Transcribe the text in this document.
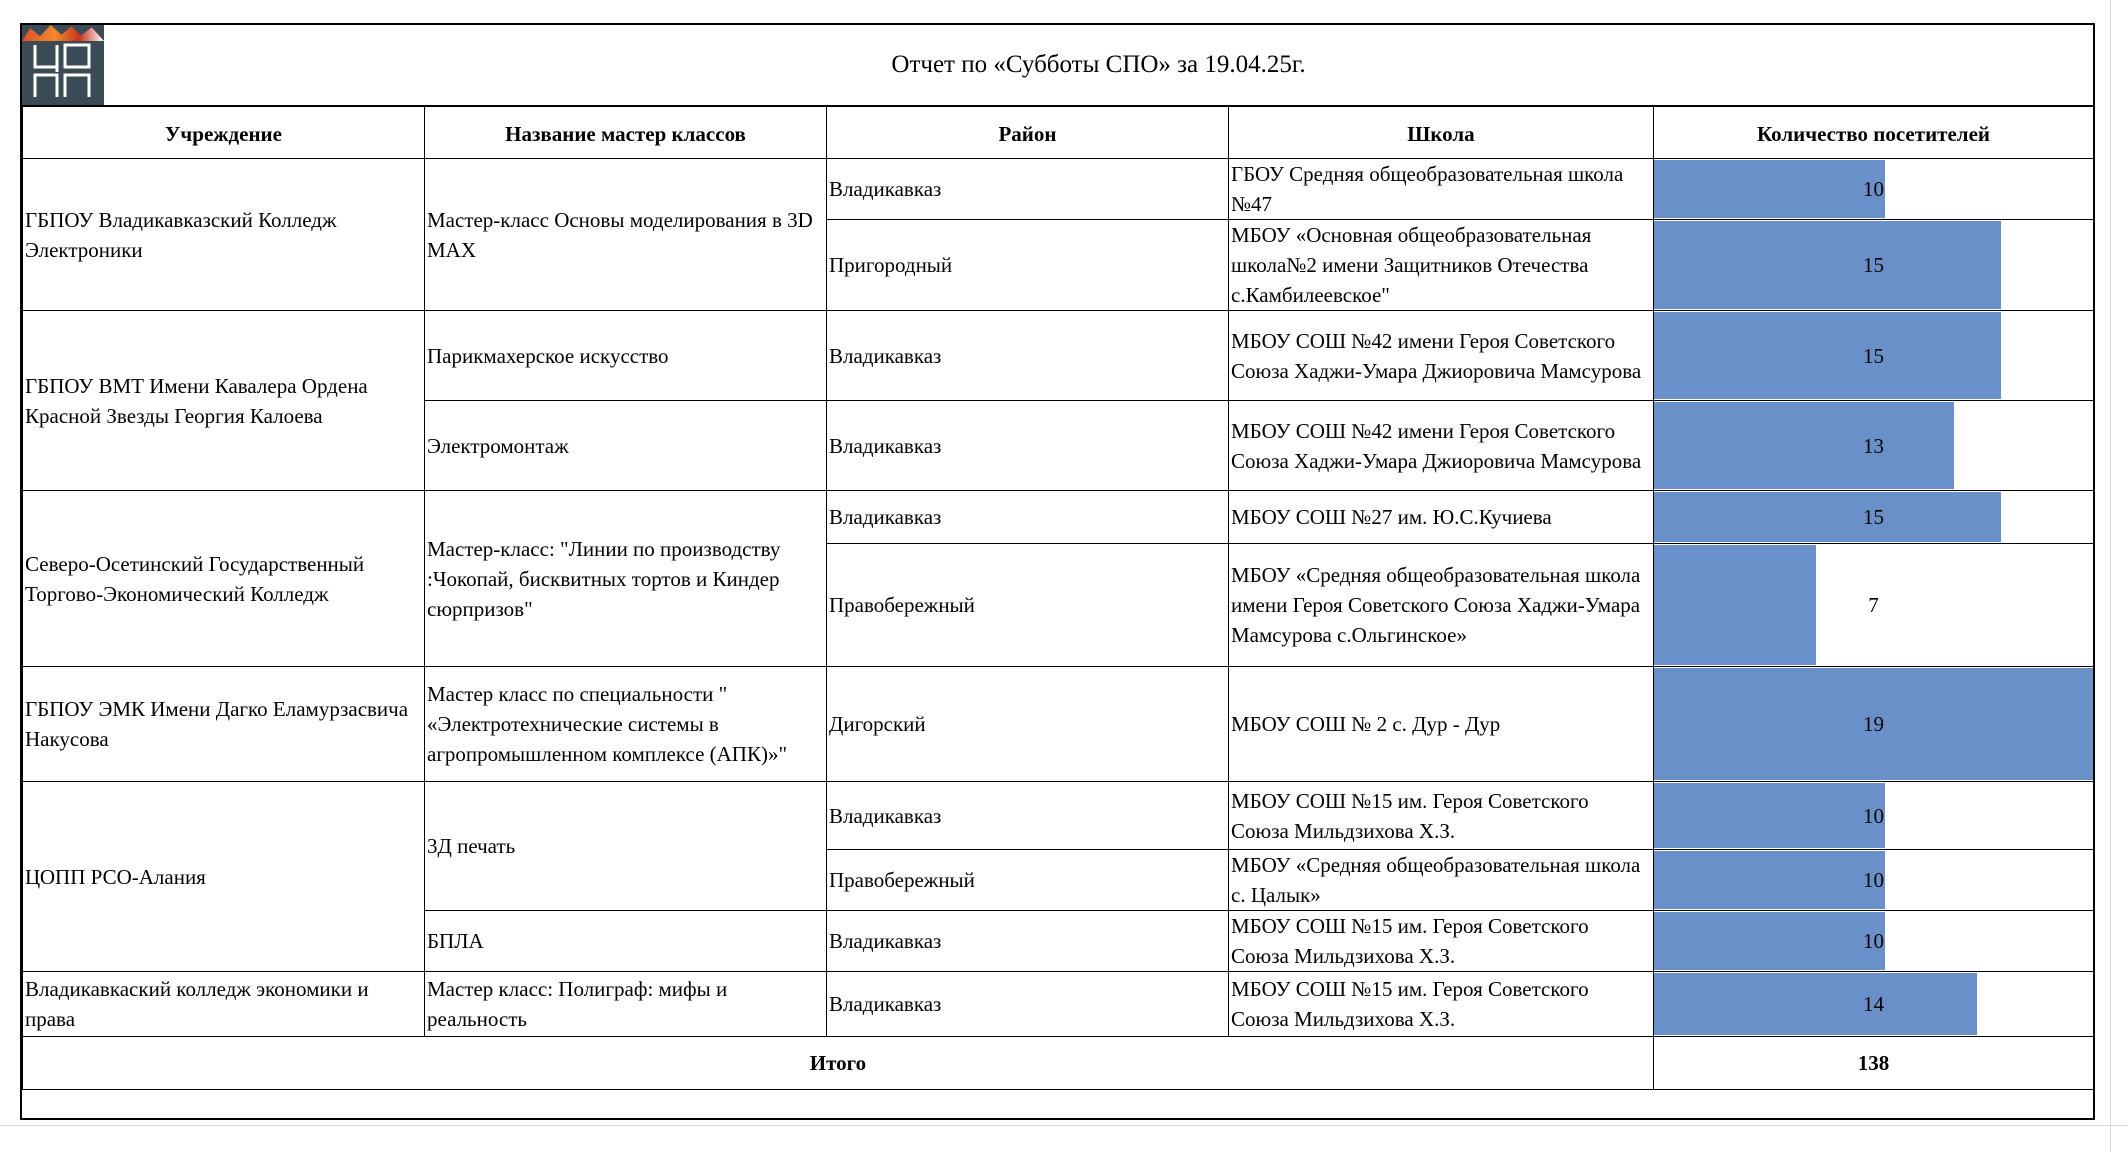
Отчет по «Субботы СПО» за 19.04.25г.
Учреждение	Название мастер классов	Район	Школа	Количество посетителей
ГБПОУ Владикавказский Колледж Электроники	Мастер-класс Основы моделирования в 3D MAX	Владикавказ	ГБОУ Средняя общеобразовательная школа №47	10
		Пригородный	МБОУ «Основная общеобразовательная школа№2 имени Защитников Отечества с.Камбилеевское"	15
ГБПОУ ВМТ Имени Кавалера Ордена Красной Звезды Георгия Калоева	Парикмахерское искусство	Владикавказ	МБОУ СОШ №42 имени Героя Советского Союза Хаджи-Умара Джиоровича Мамсурова	15
	Электромонтаж	Владикавказ	МБОУ СОШ №42 имени Героя Советского Союза Хаджи-Умара Джиоровича Мамсурова	13
Северо-Осетинский Государственный Торгово-Экономический Колледж	Мастер-класс: "Линии по производству :Чокопай, бисквитных тортов и Киндер сюрпризов"	Владикавказ	МБОУ СОШ №27 им. Ю.С.Кучиева	15
		Правобережный	МБОУ «Средняя общеобразовательная школа имени Героя Советского Союза Хаджи-Умара Мамсурова с.Ольгинское»	7
ГБПОУ ЭМК Имени Дагко Еламурзасвича Накусова	Мастер класс по специальности " «Электротехнические системы в агропромышленном комплексе (АПК)»"	Дигорский	МБОУ СОШ № 2 с. Дур - Дур	19
ЦОПП РСО-Алания	3Д печать	Владикавказ	МБОУ СОШ №15 им. Героя Советского Союза Мильдзихова Х.З.	10
		Правобережный	МБОУ «Средняя общеобразовательная школа с. Цалык»	10
	БПЛА	Владикавказ	МБОУ СОШ №15 им. Героя Советского Союза Мильдзихова Х.З.	10
Владикавкаский колледж экономики и права	Мастер класс: Полиграф: мифы и реальность	Владикавказ	МБОУ СОШ №15 им. Героя Советского Союза Мильдзихова Х.З.	14
Итого				138
